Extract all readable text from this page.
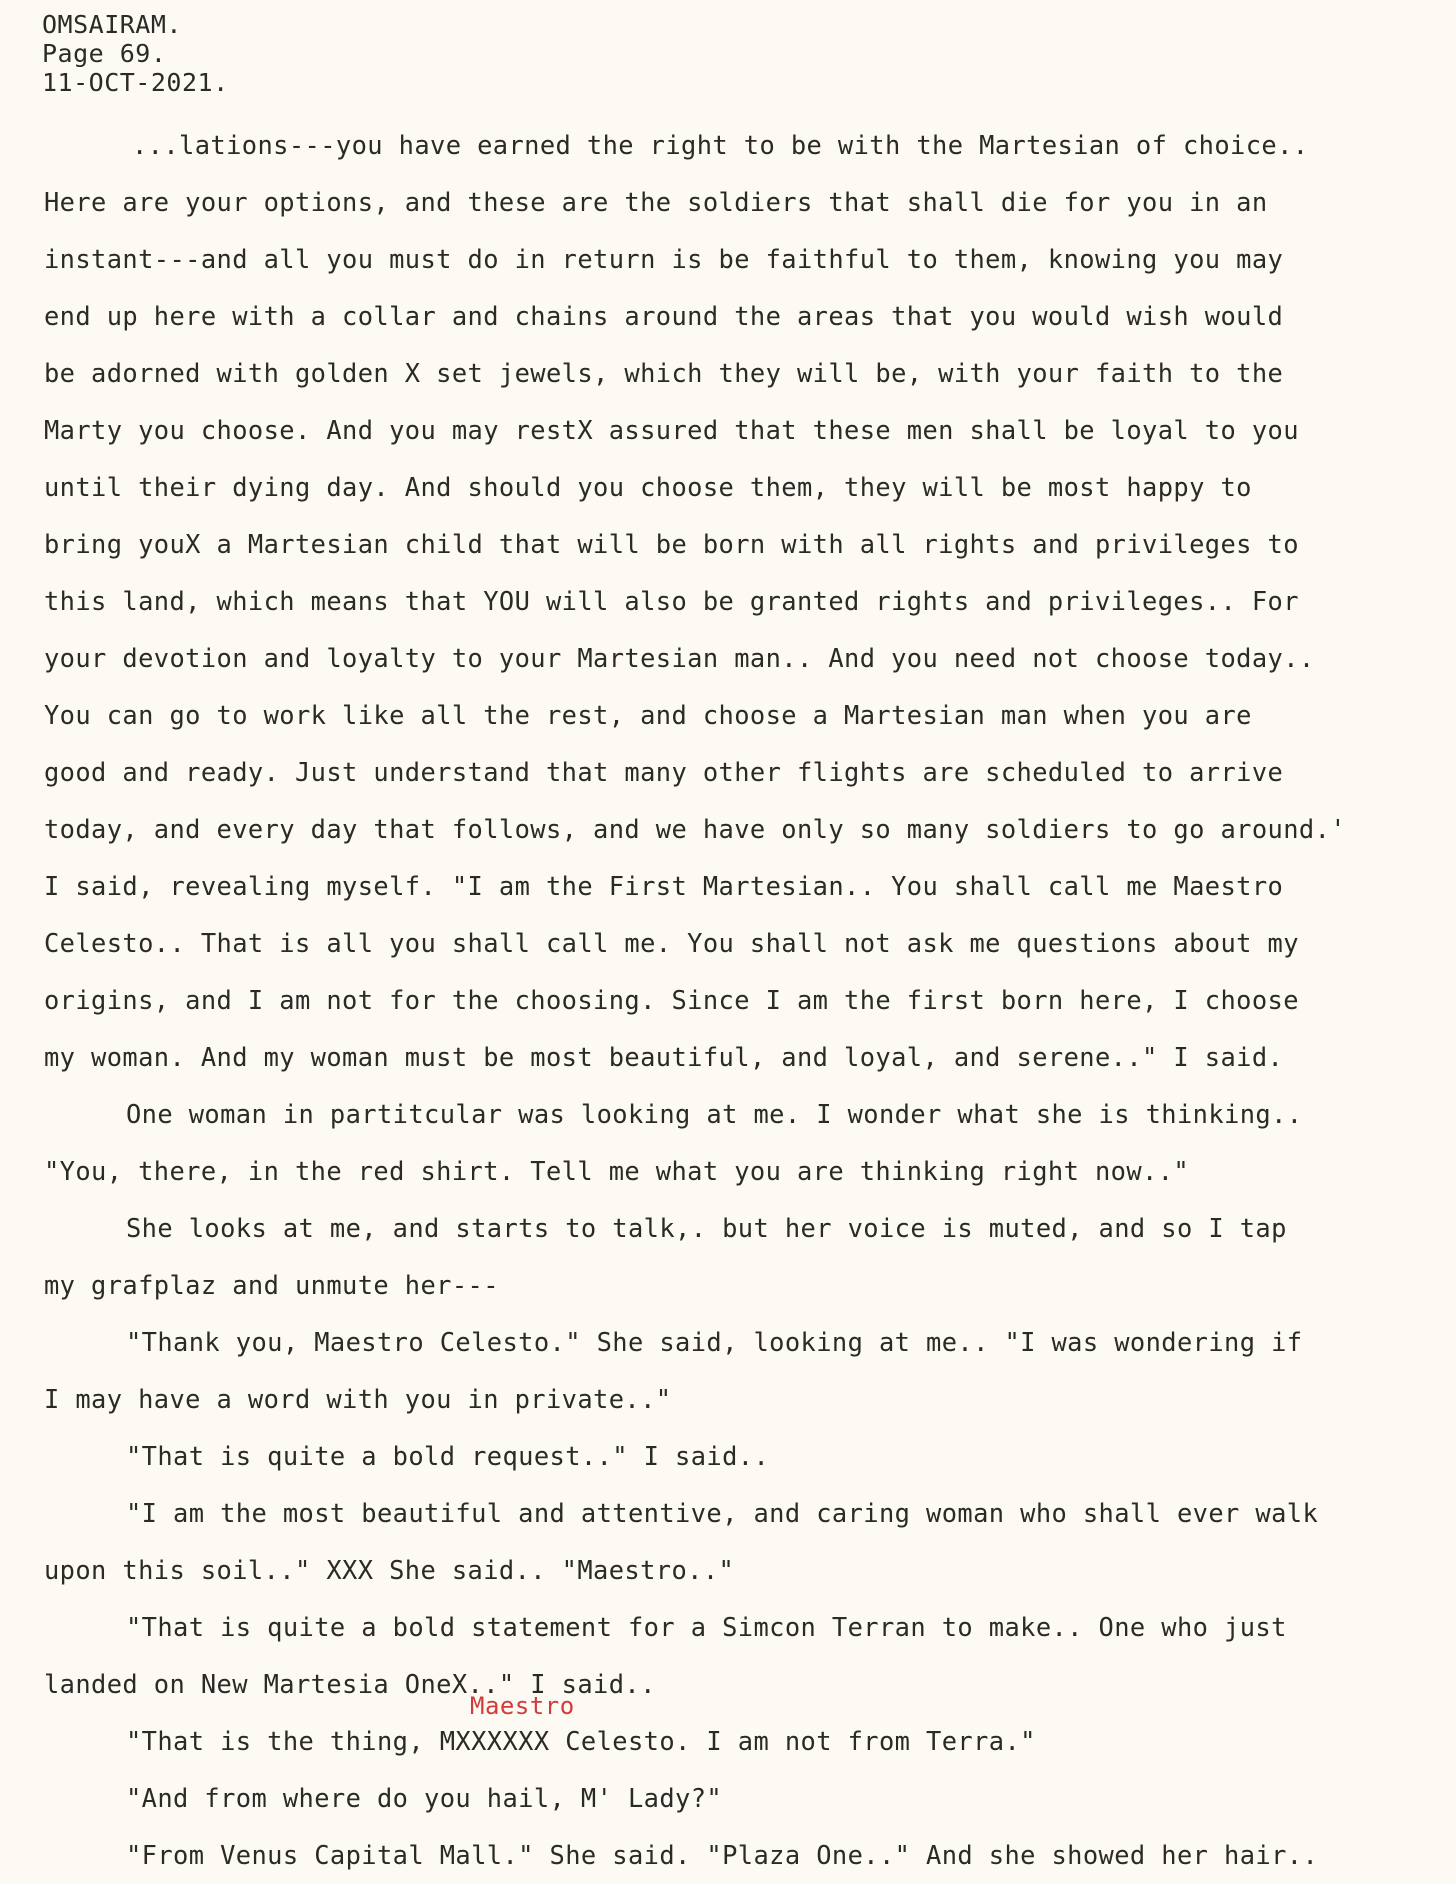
OMSAIRAM.
Page 69.
11-OCT-2021.
...lations---you have earned the right to be with the Martesian of choice..
Here are your options, and these are the soldiers that shall die for you in an
instant---and all you must do in return is be faithful to them, knowing you may
end up here with a collar and chains around the areas that you would wish would
be adorned with golden X set jewels, which they will be, with your faith to the
Marty you choose. And you may restX assured that these men shall be loyal to you
until their dying day. And should you choose them, they will be most happy to
bring youX a Martesian child that will be born with all rights and privileges to
this land, which means that YOU will also be granted rights and privileges.. For
your devotion and loyalty to your Martesian man.. And you need not choose today..
You can go to work like all the rest, and choose a Martesian man when you are
good and ready. Just understand that many other flights are scheduled to arrive
today, and every day that follows, and we have only so many soldiers to go around.'
I said, revealing myself. "I am the First Martesian.. You shall call me Maestro
Celesto.. That is all you shall call me. You shall not ask me questions about my
origins, and I am not for the choosing. Since I am the first born here, I choose
my woman. And my woman must be most beautiful, and loyal, and serene.." I said.
One woman in partitcular was looking at me. I wonder what she is thinking..
"You, there, in the red shirt. Tell me what you are thinking right now.."
She looks at me, and starts to talk,. but her voice is muted, and so I tap
my grafplaz and unmute her---
"Thank you, Maestro Celesto." She said, looking at me.. "I was wondering if
I may have a word with you in private.."
"That is quite a bold request.." I said..
"I am the most beautiful and attentive, and caring woman who shall ever walk
upon this soil.." XXX She said.. "Maestro.."
"That is quite a bold statement for a Simcon Terran to make.. One who just
landed on New Martesia OneX.." I said..
"That is the thing, MXXXXXX Celesto. I am not from Terra."
"And from where do you hail, M' Lady?"
"From Venus Capital Mall." She said. "Plaza One.." And she showed her hair..
Maestro
